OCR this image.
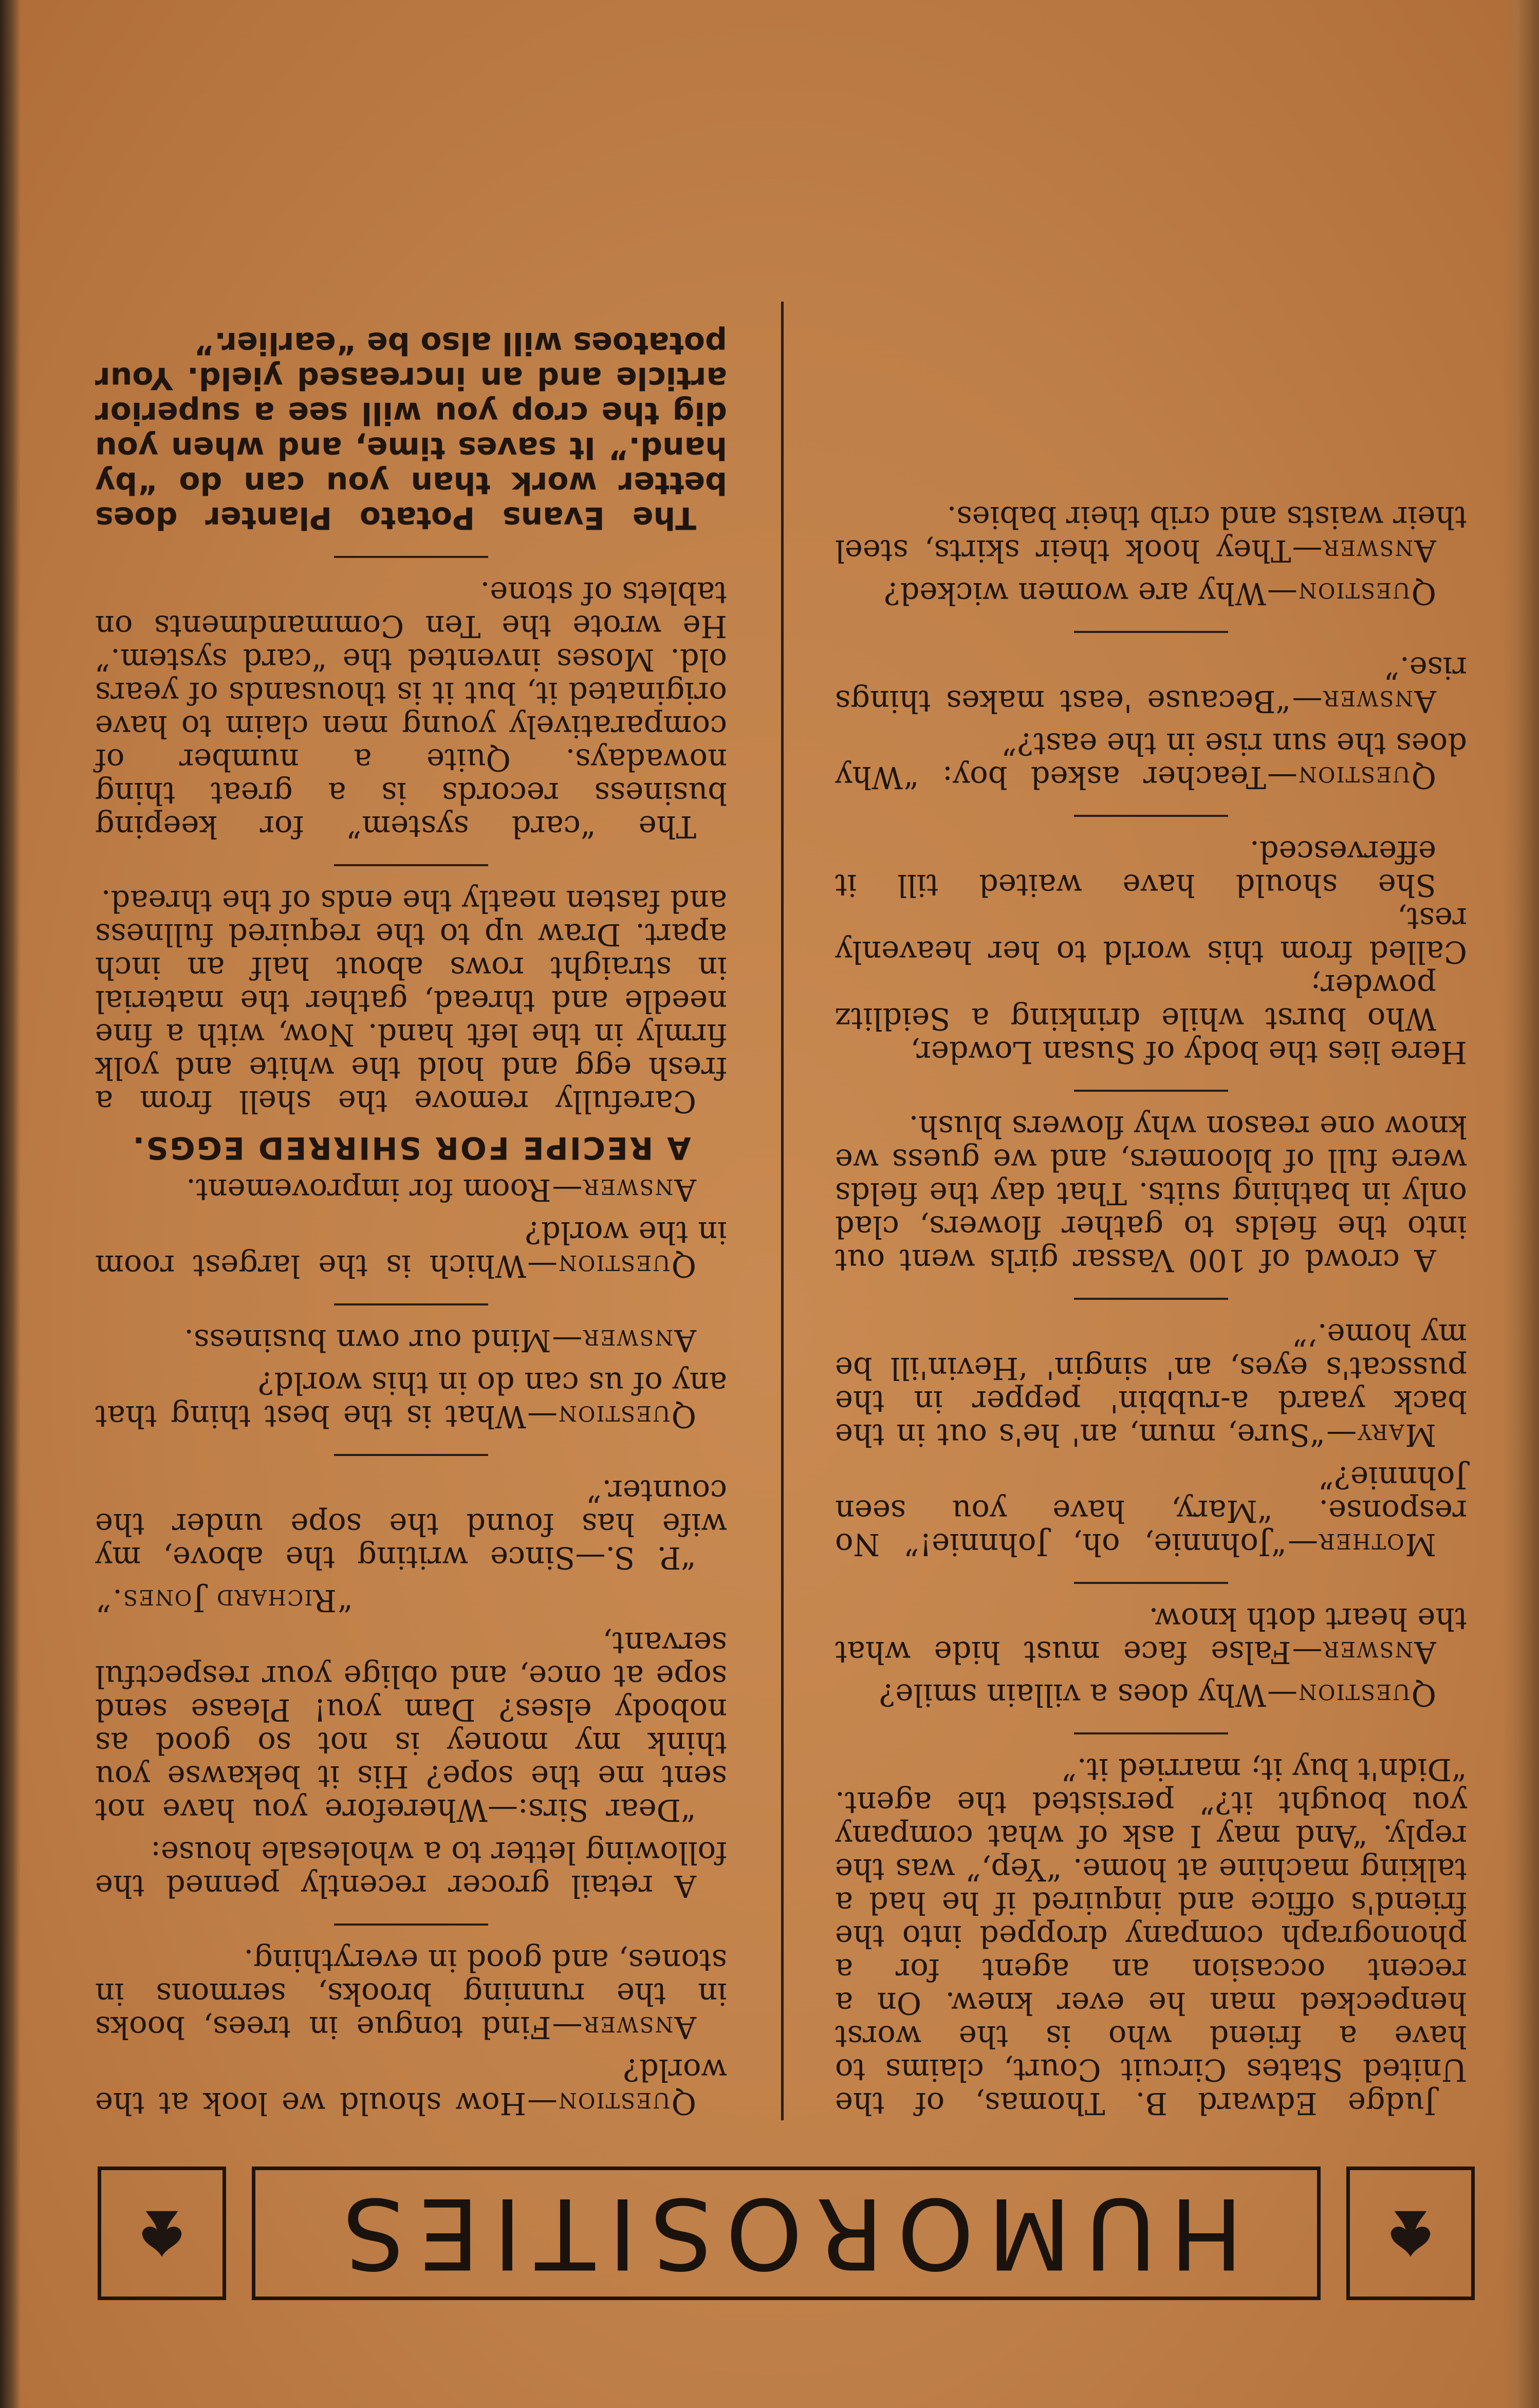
HUMOROSITIES

Judge Edward B. Thomas, of the United States Circuit Court, claims to have a friend who is the worst henpecked man he ever knew. On a recent occasion an agent for a phonograph company dropped into the friend's office and inquired if he had a talking machine at home. “Yep,” was the reply. “And may I ask of what company you bought it?” persisted the agent. “Didn't buy it; married it.”

Question—Why does a villain smile?

Answer—False face must hide what the heart doth know.

Mother—“Johnnie, oh, Johnnie!” No response. “Mary, have you seen Johnnie?”

Mary—“Sure, mum, an' he's out in the back yaard a-rubbin' pepper in the pusscat's eyes, an' singin' ‘Hevin'ill be my home.’”

A crowd of 100 Vassar girls went out into the fields to gather flowers, clad only in bathing suits. That day the fields were full of bloomers, and we guess we know one reason why flowers blush.

Here lies the body of Susan Lowder,
Who burst while drinking a Seidlitz powder;
Called from this world to her heavenly rest,
She should have waited till it effervesced.

Question—Teacher asked boy: “Why does the sun rise in the east?”

Answer—“Because 'east makes things rise.”

Question—Why are women wicked?

Answer—They hook their skirts, steel their waists and crib their babies.

Question—How should we look at the world?

Answer—Find tongue in trees, books in the running brooks, sermons in stones, and good in everything.

A retail grocer recently penned the following letter to a wholesale house:

“Dear Sirs:—Wherefore you have not sent me the sope? His it bekawse you think my money is not so good as nobody elses? Dam you! Please send sope at once, and oblige your respectful servant,

“Richard Jones.”

“P. S.—Since writing the above, my wife has found the sope under the counter.”

Question—What is the best thing that any of us can do in this world?

Answer—Mind our own business.

Question—Which is the largest room in the world?

Answer—Room for improvement.

A RECIPE FOR SHIRRED EGGS.

Carefully remove the shell from a fresh egg and hold the white and yolk firmly in the left hand. Now, with a fine needle and thread, gather the material in straight rows about half an inch apart. Draw up to the required fullness and fasten neatly the ends of the thread.

The “card system” for keeping business records is a great thing nowadays. Quite a number of comparatively young men claim to have originated it, but it is thousands of years old. Moses invented the “card system.” He wrote the Ten Commandments on tablets of stone.

The Evans Potato Planter does better work than you can do “by hand.” It saves time, and when you dig the crop you will see a superior article and an increased yield. Your potatoes will also be “earlier.”
